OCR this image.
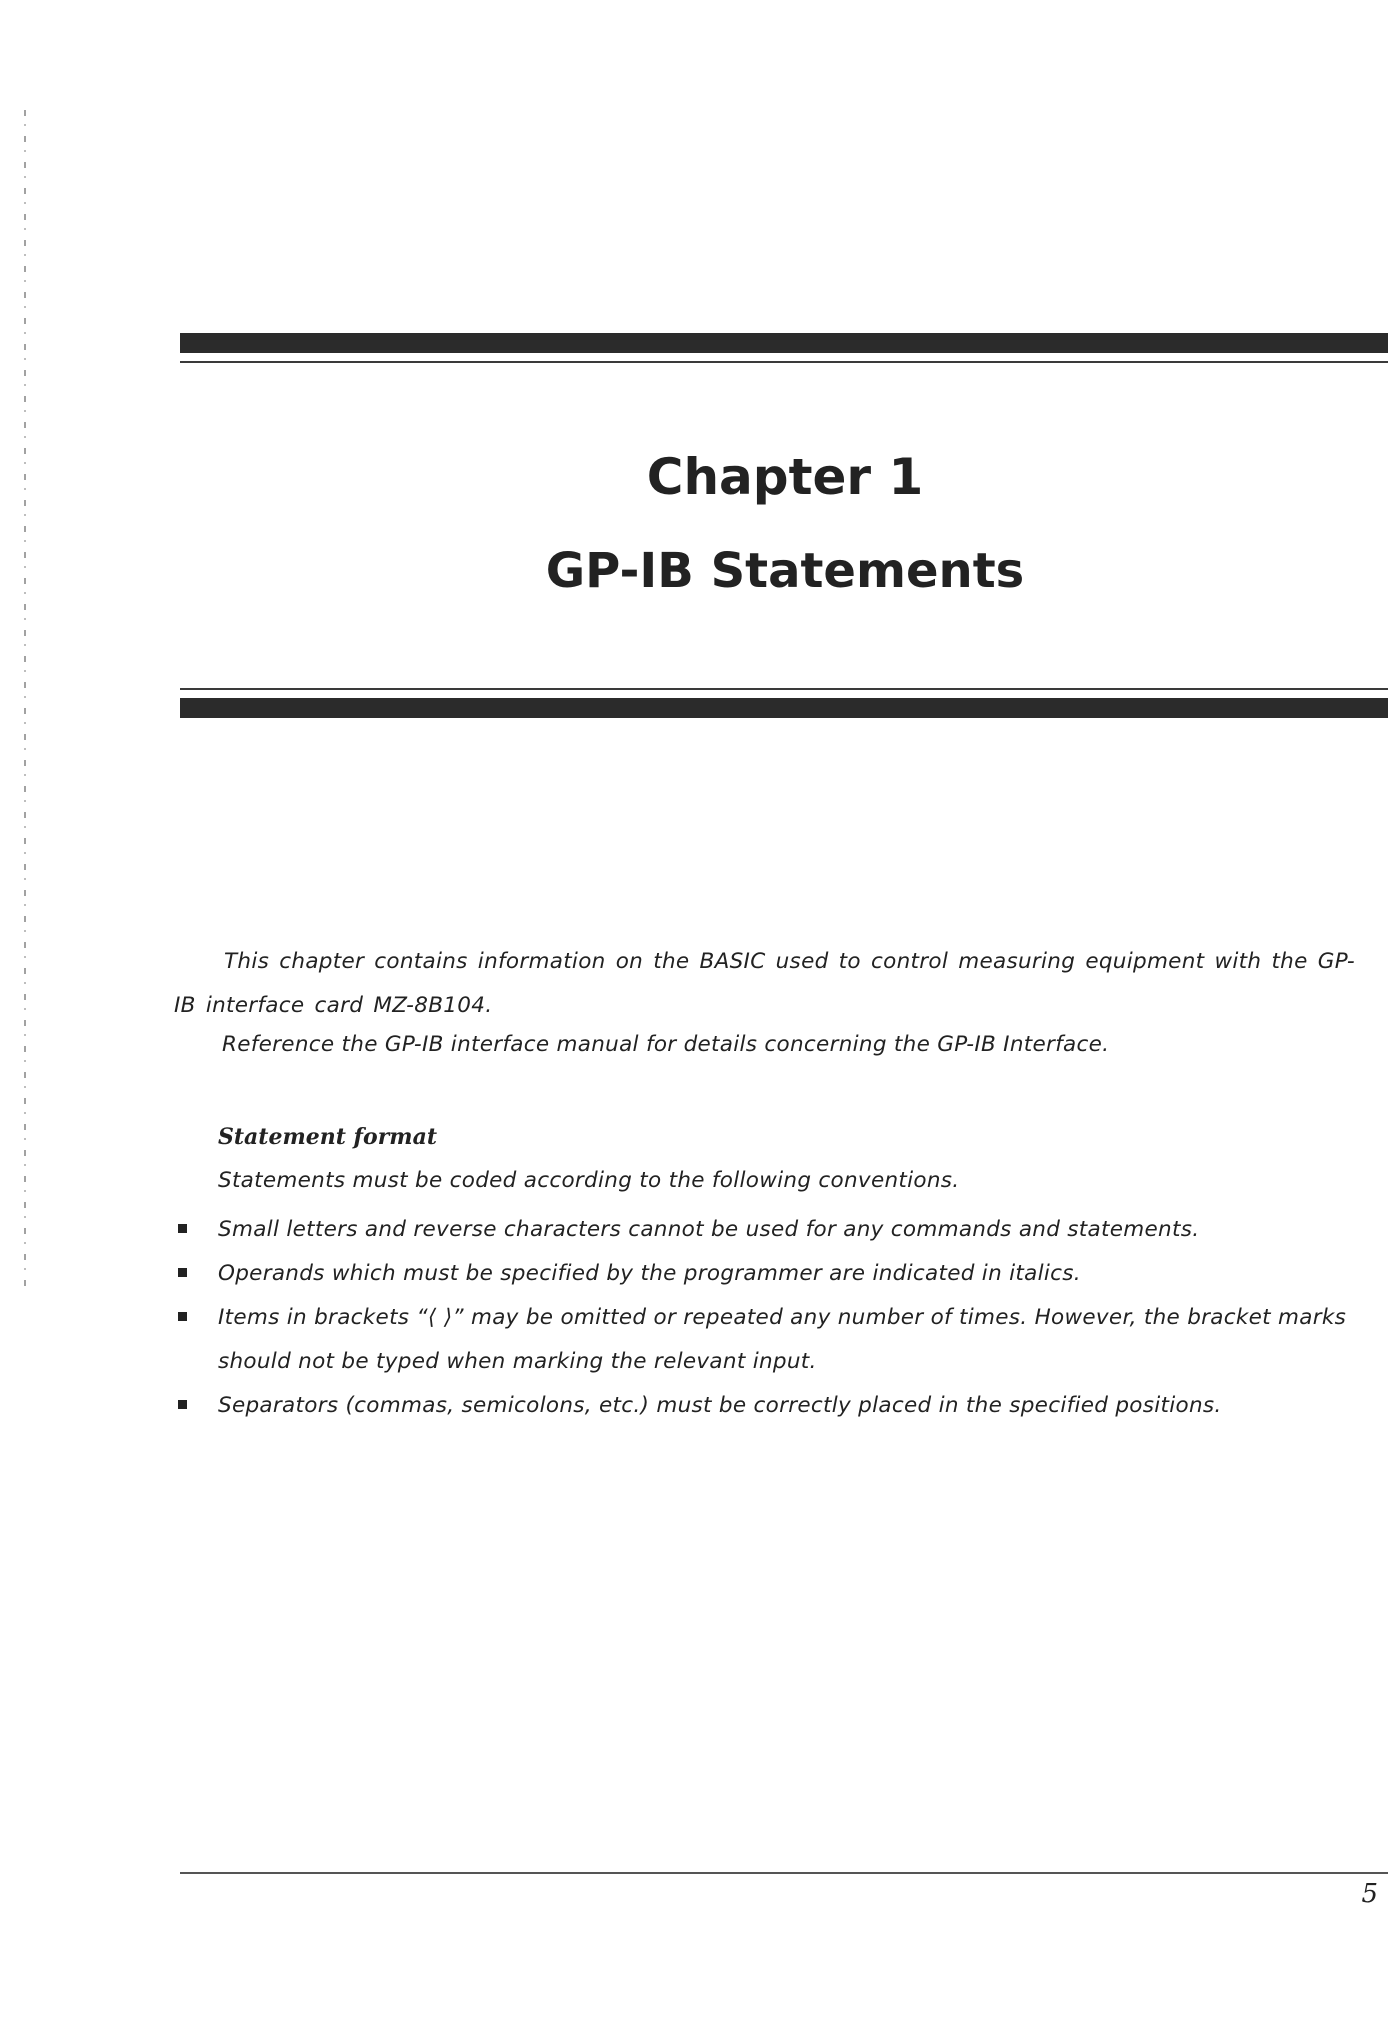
Chapter 1
GP-IB Statements

This chapter contains information on the BASIC used to control measuring equipment with the GP-IB interface card MZ-8B104.

Reference the GP-IB interface manual for details concerning the GP-IB Interface.

Statement format

Statements must be coded according to the following conventions.

Small letters and reverse characters cannot be used for any commands and statements.
Operands which must be specified by the programmer are indicated in italics.
Items in brackets “⟨ ⟩” may be omitted or repeated any number of times. However, the bracket marks should not be typed when marking the relevant input.
Separators (commas, semicolons, etc.) must be correctly placed in the specified positions.

5
